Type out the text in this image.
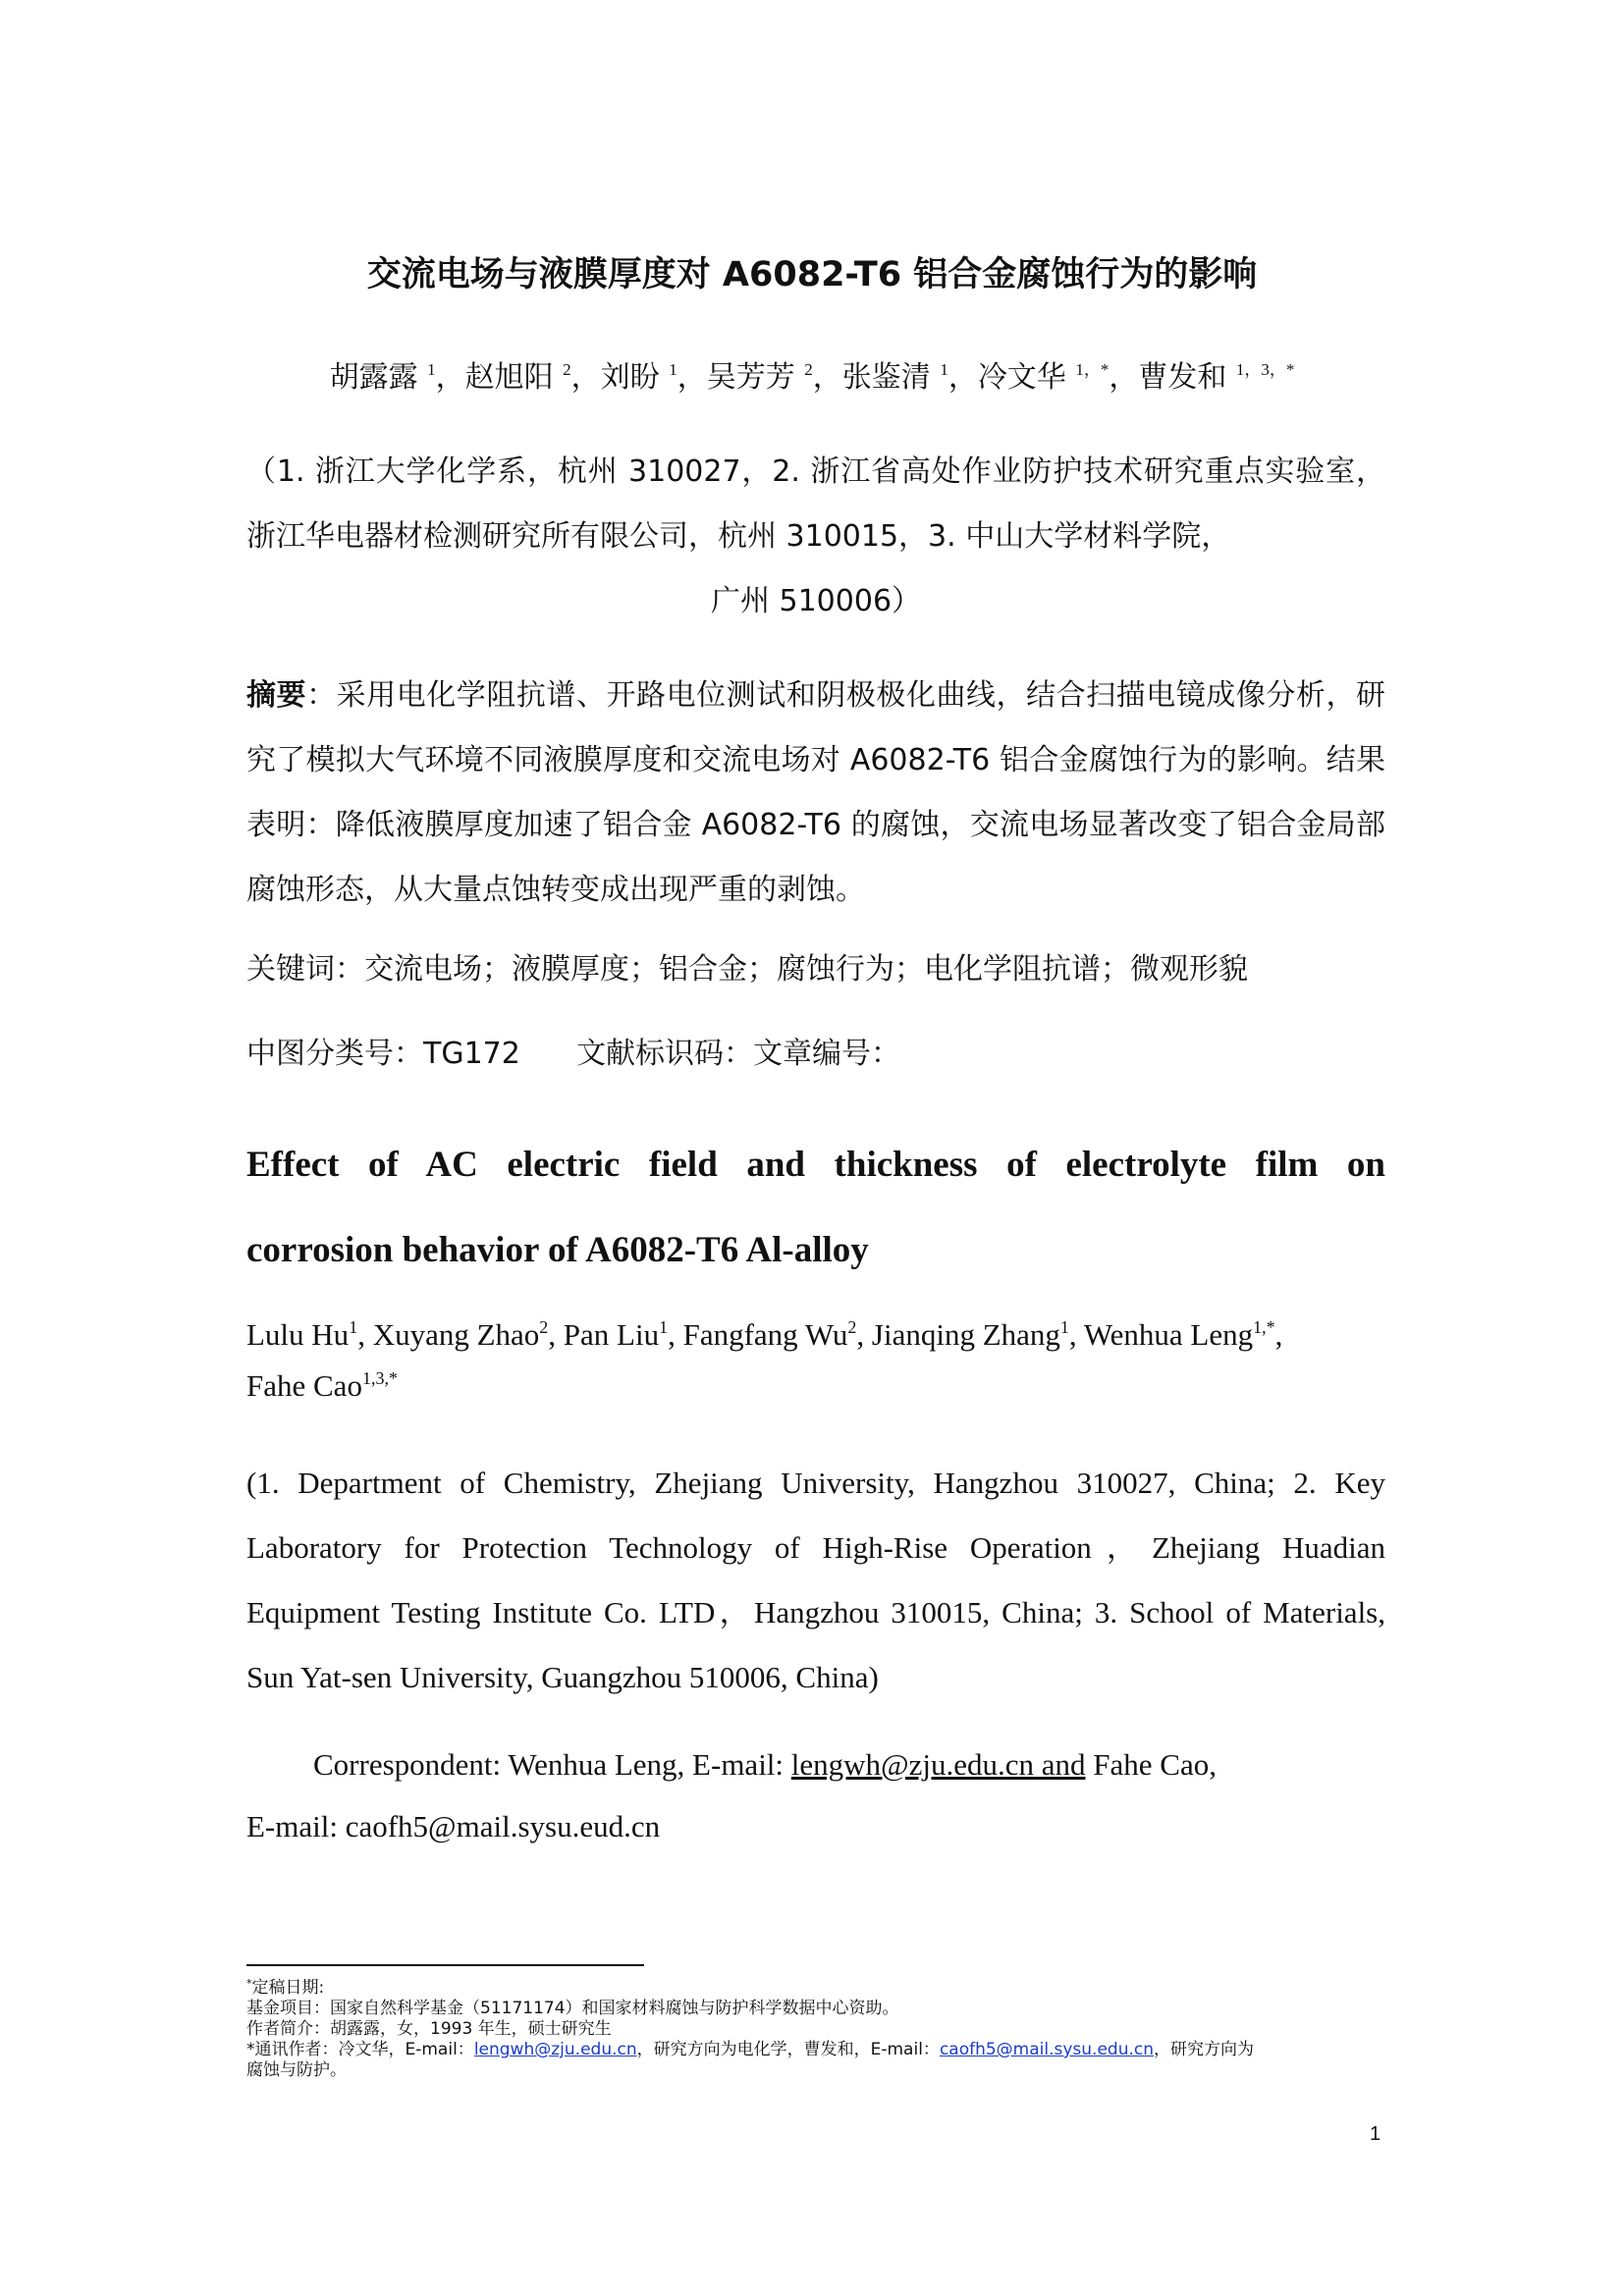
交流电场与液膜厚度对 A6082-T6 铝合金腐蚀行为的影响
胡露露 $^1$，赵旭阳 $^2$，刘盼 $^1$，吴芳芳 $^2$，张鉴清 $^1$，冷文华 $^{1,*}$，曹发和 $^{1,3,*}$
（1. 浙江大学化学系，杭州 310027，2. 浙江省高处作业防护技术研究重点实验室，浙江华电器材检测研究所有限公司，杭州 310015，3. 中山大学材料学院，
广州 510006）
摘要：采用电化学阻抗谱、开路电位测试和阴极极化曲线，结合扫描电镜成像分析，研究了模拟大气环境不同液膜厚度和交流电场对 A6082-T6 铝合金腐蚀行为的影响。结果表明：降低液膜厚度加速了铝合金 A6082-T6 的腐蚀，交流电场显著改变了铝合金局部腐蚀形态，从大量点蚀转变成出现严重的剥蚀。
关键词：交流电场；液膜厚度；铝合金；腐蚀行为；电化学阻抗谱；微观形貌
中图分类号：TG172 文献标识码：文章编号：
Effect of AC electric field and thickness of electrolyte film on
corrosion behavior of A6082-T6 Al-alloy
Lulu Hu$^1$, Xuyang Zhao$^2$, Pan Liu$^1$, Fangfang Wu$^2$, Jianqing Zhang$^1$, Wenhua Leng$^{1,*}$,
Fahe Cao$^{1,3,*}$
(1. Department of Chemistry, Zhejiang University, Hangzhou 310027, China; 2. Key Laboratory for Protection Technology of High-Rise Operation，Zhejiang Huadian Equipment Testing Institute Co. LTD，Hangzhou 310015, China; 3. School of Materials, Sun Yat-sen University, Guangzhou 510006, China)
Correspondent: Wenhua Leng, E-mail: lengwh@zju.edu.cn and Fahe Cao,
E-mail: caofh5@mail.sysu.eud.cn
*定稿日期:
基金项目：国家自然科学基金（51171174）和国家材料腐蚀与防护科学数据中心资助。
作者简介：胡露露，女，1993 年生，硕士研究生
*通讯作者：冷文华，E-mail：lengwh@zju.edu.cn，研究方向为电化学，曹发和，E-mail：caofh5@mail.sysu.edu.cn，研究方向为
腐蚀与防护。
1
